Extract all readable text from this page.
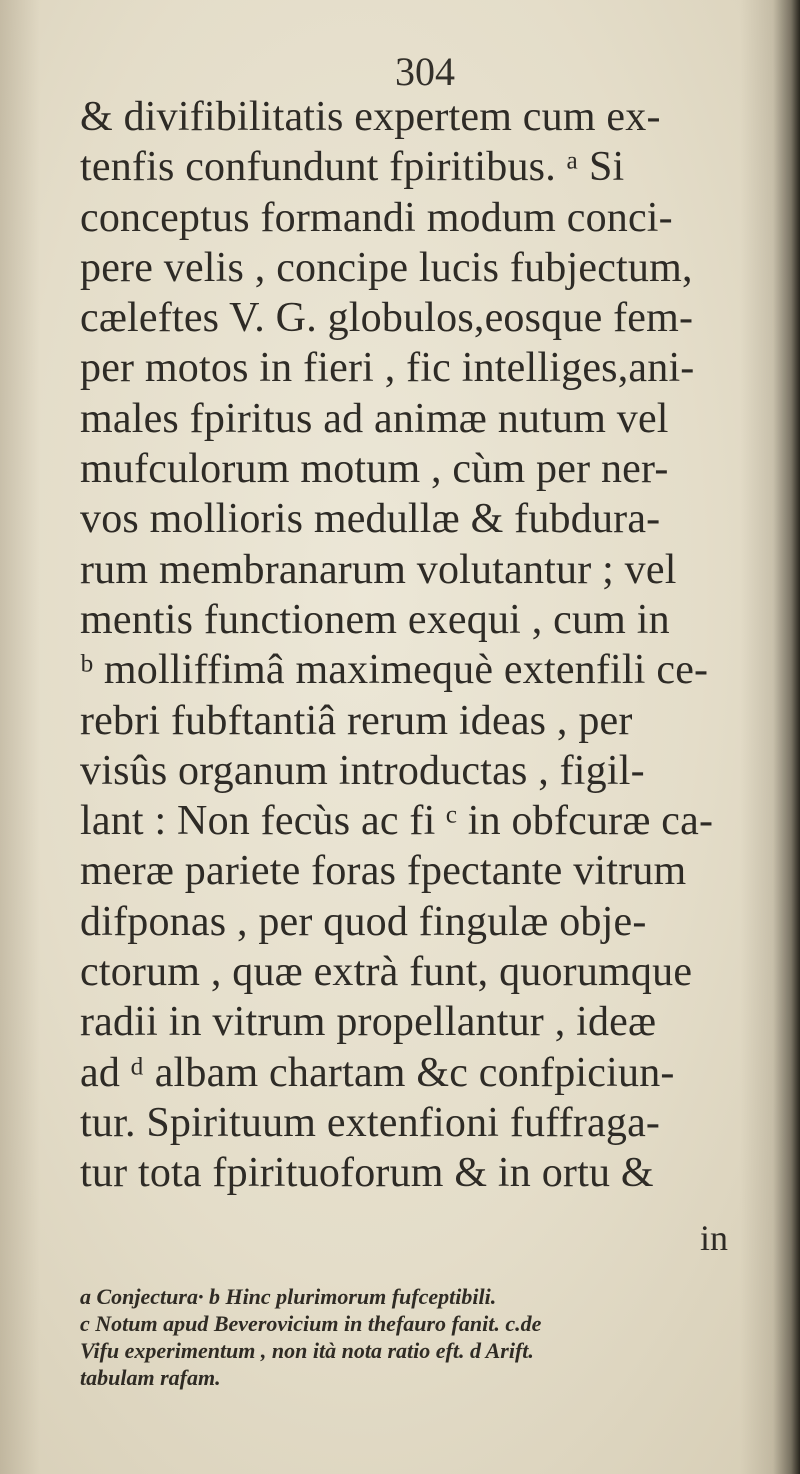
304
& divifibilitatis expertem cum ex-
tenfis confundunt fpiritibus. ᵃ Si
conceptus formandi modum conci-
pere velis , concipe lucis fubjectum,
cæleftes V. G. globulos,eosque fem-
per motos in fieri , fic intelliges,ani-
males fpiritus ad animæ nutum vel
mufculorum motum , cùm per ner-
vos mollioris medullæ & fubdura-
rum membranarum volutantur ; vel
mentis functionem exequi , cum in
ᵇ molliffimâ maximequè extenfili ce-
rebri fubftantiâ rerum ideas , per
visûs organum introductas , figil-
lant : Non fecùs ac fi ᶜ in obfcuræ ca-
meræ pariete foras fpectante vitrum
difponas , per quod fingulæ obje-
ctorum , quæ extrà funt, quorumque
radii in vitrum propellantur , ideæ
ad ᵈ albam chartam &c confpiciun-
tur. Spirituum extenfioni fuffraga-
tur tota fpirituoforum & in ortu &
in
a Conjectura· b Hinc plurimorum fufceptibili.
c Notum apud Beverovicium in thefauro fanit. c.de
Vifu experimentum , non ità nota ratio eft. d Arift.
tabulam rafam.
